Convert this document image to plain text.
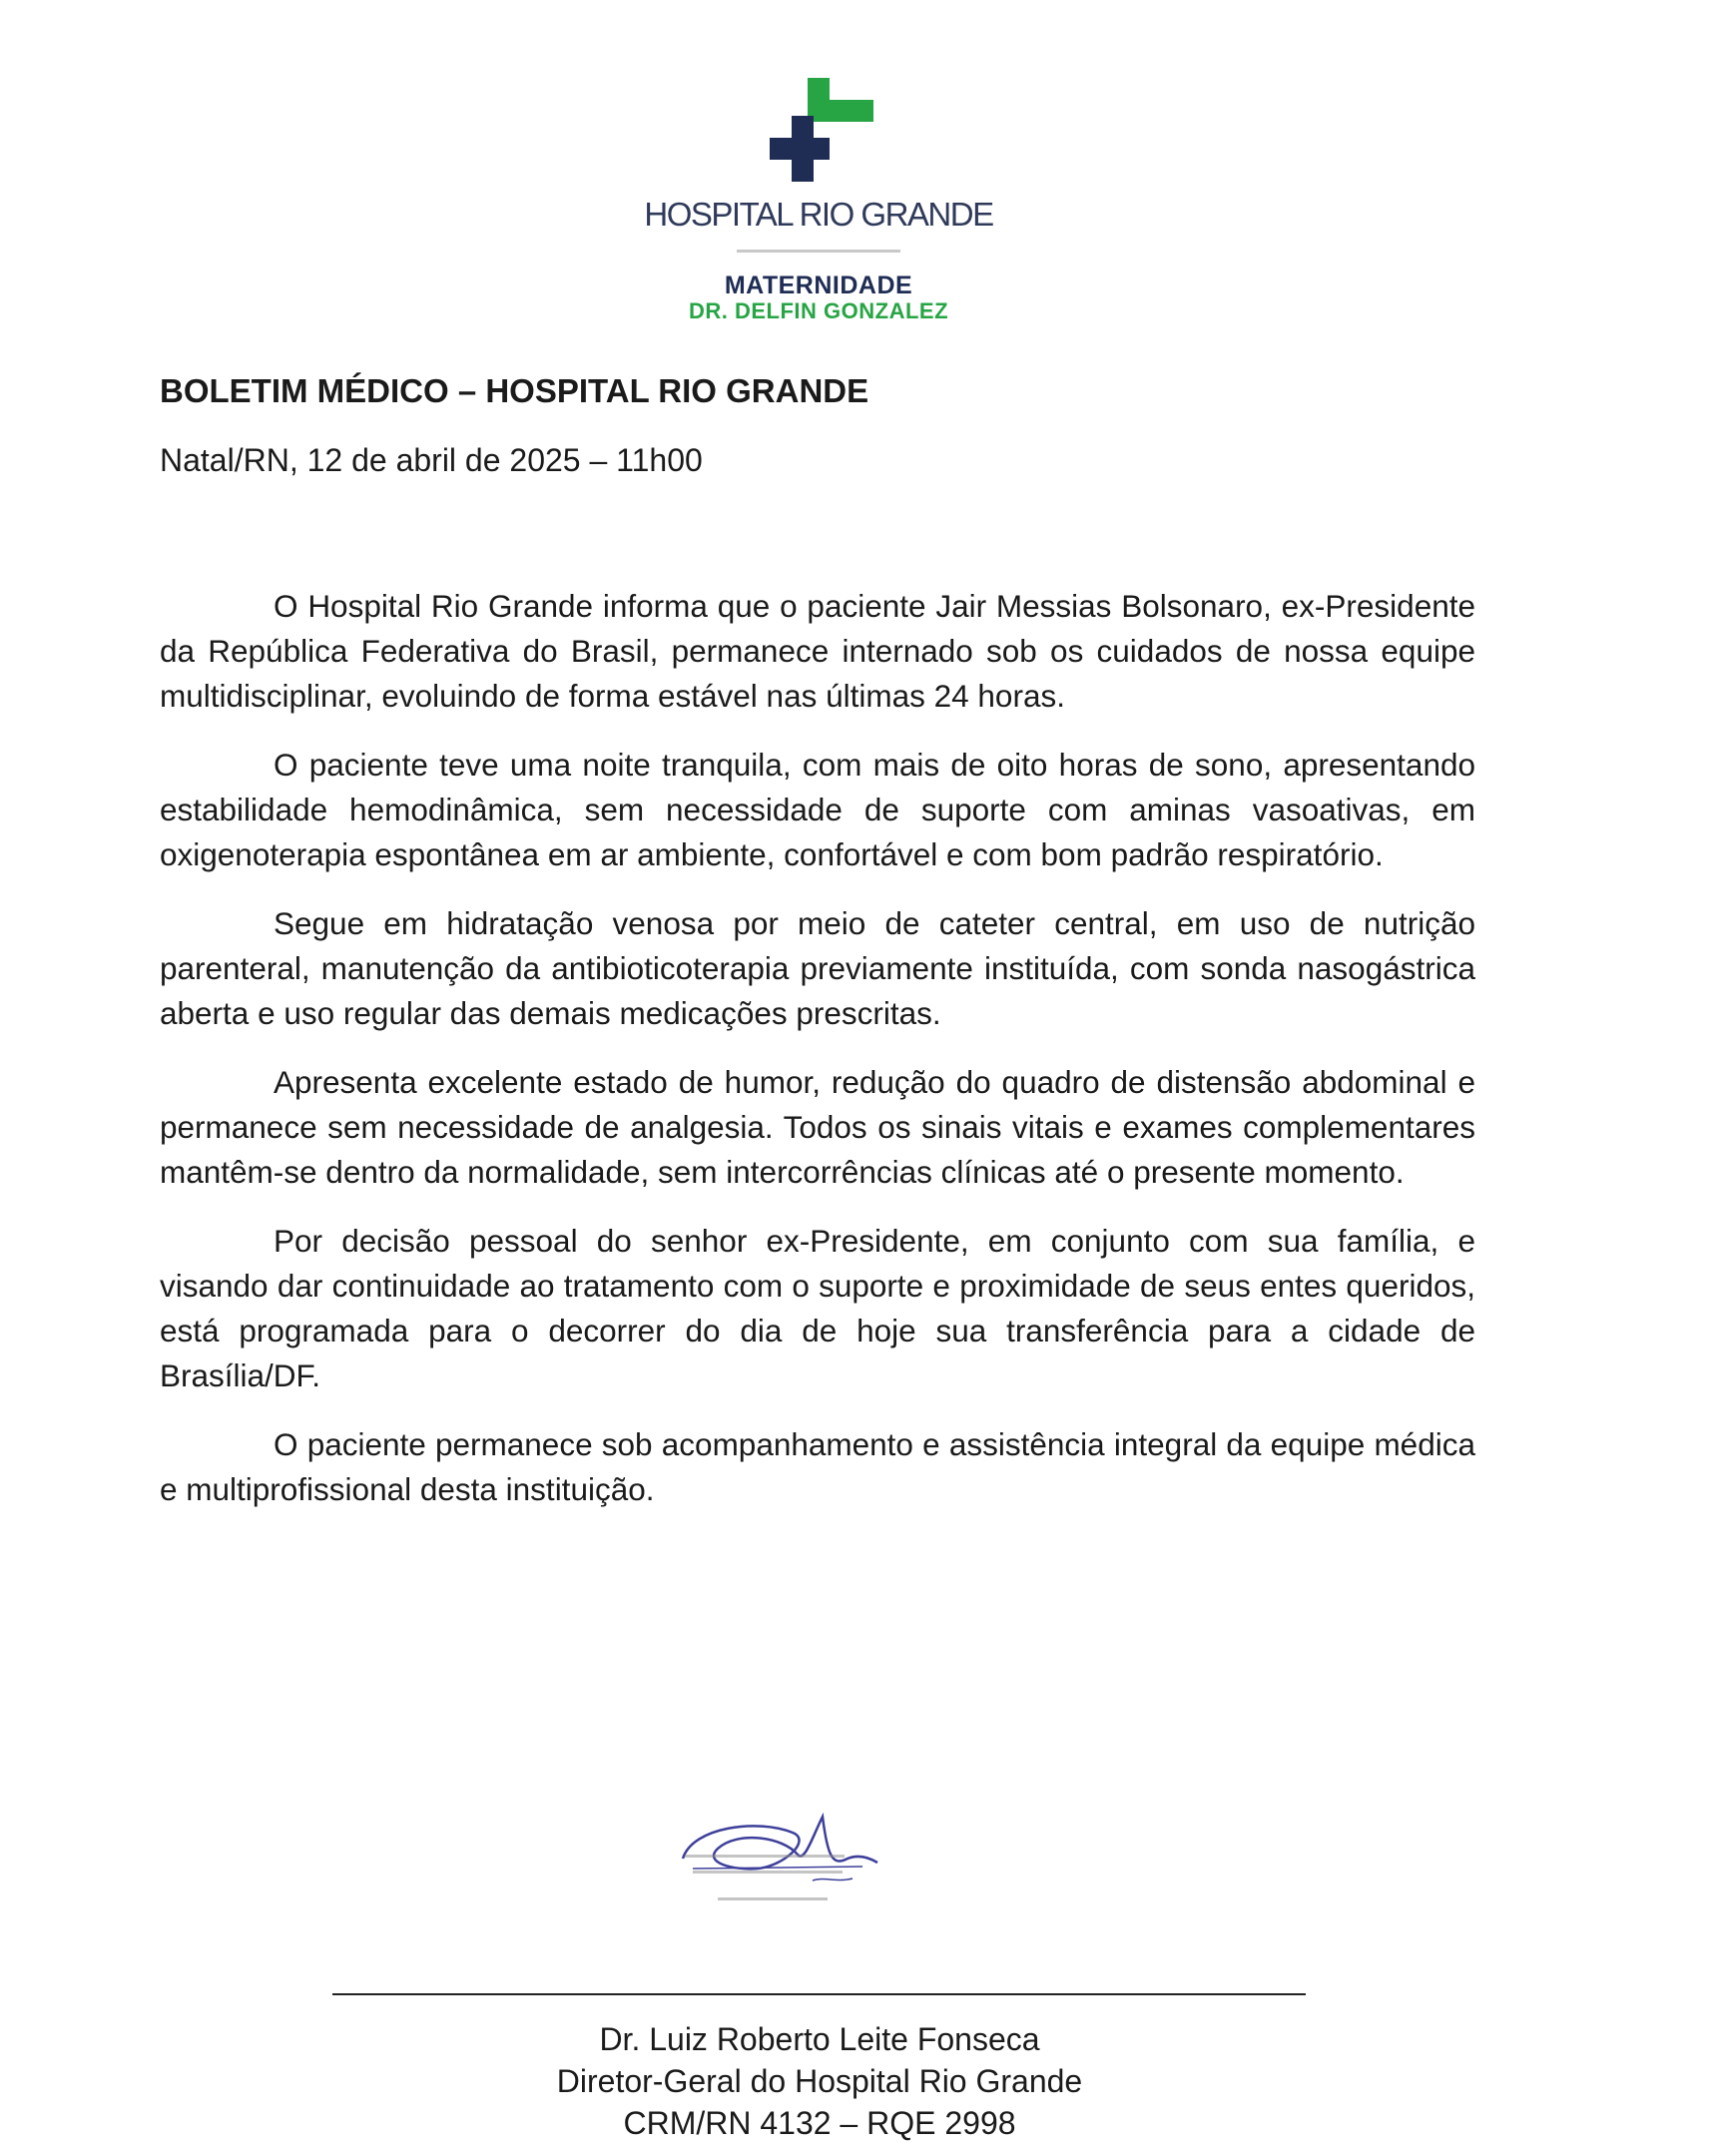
HOSPITAL RIO GRANDE
MATERNIDADE
DR. DELFIN GONZALEZ
BOLETIM MÉDICO – HOSPITAL RIO GRANDE
Natal/RN, 12 de abril de 2025 – 11h00

O Hospital Rio Grande informa que o paciente Jair Messias Bolsonaro, ex-Presidente da República Federativa do Brasil, permanece internado sob os cuidados de nossa equipe multidisciplinar, evoluindo de forma estável nas últimas 24 horas.

O paciente teve uma noite tranquila, com mais de oito horas de sono, apresentando estabilidade hemodinâmica, sem necessidade de suporte com aminas vasoativas, em oxigenoterapia espontânea em ar ambiente, confortável e com bom padrão respiratório.

Segue em hidratação venosa por meio de cateter central, em uso de nutrição parenteral, manutenção da antibioticoterapia previamente instituída, com sonda nasogástrica aberta e uso regular das demais medicações prescritas.

Apresenta excelente estado de humor, redução do quadro de distensão abdominal e permanece sem necessidade de analgesia. Todos os sinais vitais e exames complementares mantêm-se dentro da normalidade, sem intercorrências clínicas até o presente momento.

Por decisão pessoal do senhor ex-Presidente, em conjunto com sua família, e visando dar continuidade ao tratamento com o suporte e proximidade de seus entes queridos, está programada para o decorrer do dia de hoje sua transferência para a cidade de Brasília/DF.

O paciente permanece sob acompanhamento e assistência integral da equipe médica e multiprofissional desta instituição.

Dr. Luiz Roberto Leite Fonseca
Diretor-Geral do Hospital Rio Grande
CRM/RN 4132 – RQE 2998
